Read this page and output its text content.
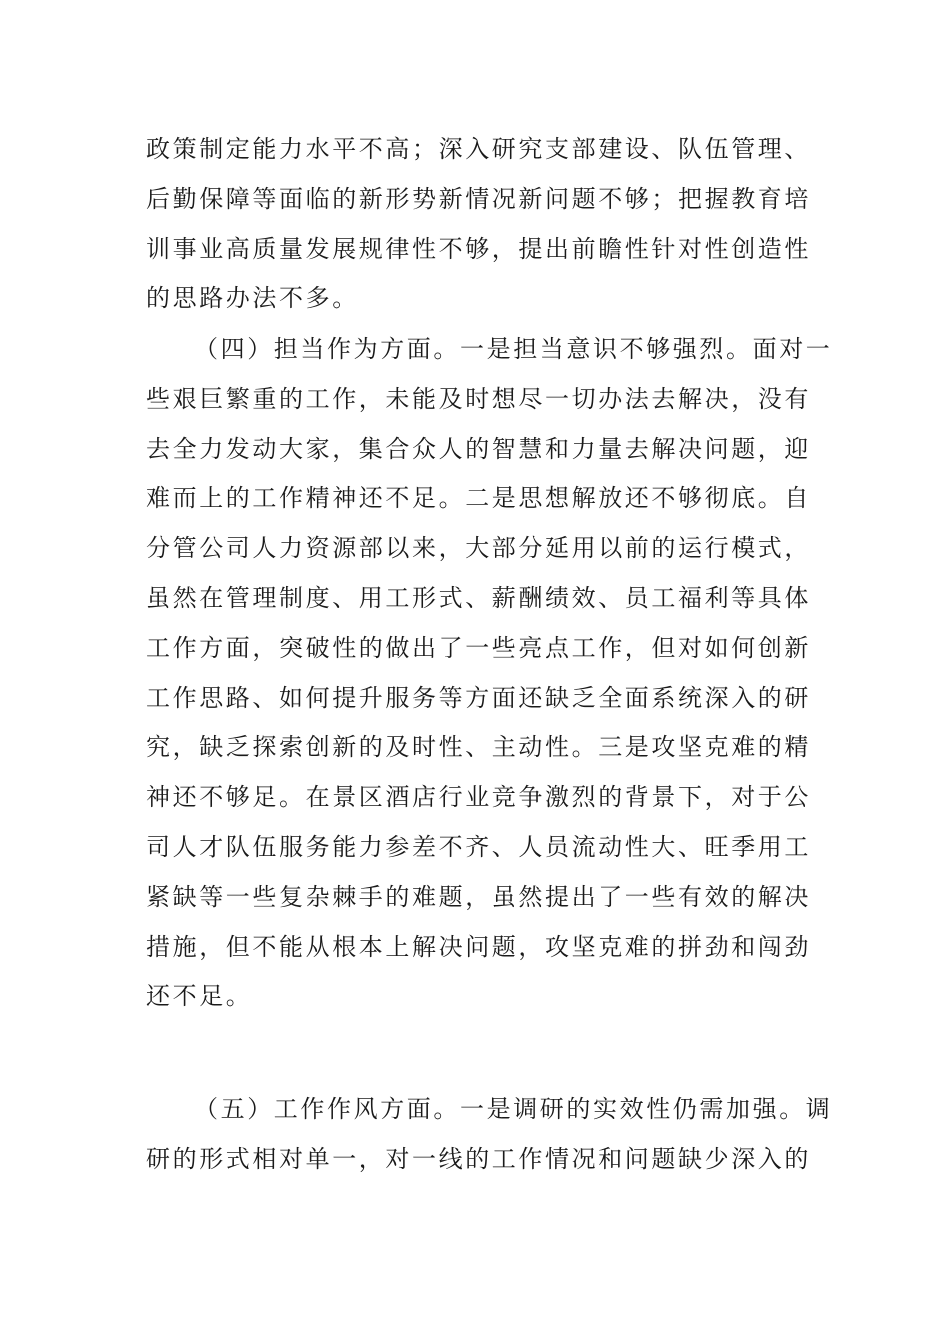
政策制定能力水平不高；深入研究支部建设、队伍管理、
后勤保障等面临的新形势新情况新问题不够；把握教育培
训事业高质量发展规律性不够，提出前瞻性针对性创造性
的思路办法不多。
（四）担当作为方面。一是担当意识不够强烈。面对一
些艰巨繁重的工作，未能及时想尽一切办法去解决，没有
去全力发动大家，集合众人的智慧和力量去解决问题，迎
难而上的工作精神还不足。二是思想解放还不够彻底。自
分管公司人力资源部以来，大部分延用以前的运行模式，
虽然在管理制度、用工形式、薪酬绩效、员工福利等具体
工作方面，突破性的做出了一些亮点工作，但对如何创新
工作思路、如何提升服务等方面还缺乏全面系统深入的研
究，缺乏探索创新的及时性、主动性。三是攻坚克难的精
神还不够足。在景区酒店行业竞争激烈的背景下，对于公
司人才队伍服务能力参差不齐、人员流动性大、旺季用工
紧缺等一些复杂棘手的难题，虽然提出了一些有效的解决
措施，但不能从根本上解决问题，攻坚克难的拼劲和闯劲
还不足。
（五）工作作风方面。一是调研的实效性仍需加强。调
研的形式相对单一，对一线的工作情况和问题缺少深入的
